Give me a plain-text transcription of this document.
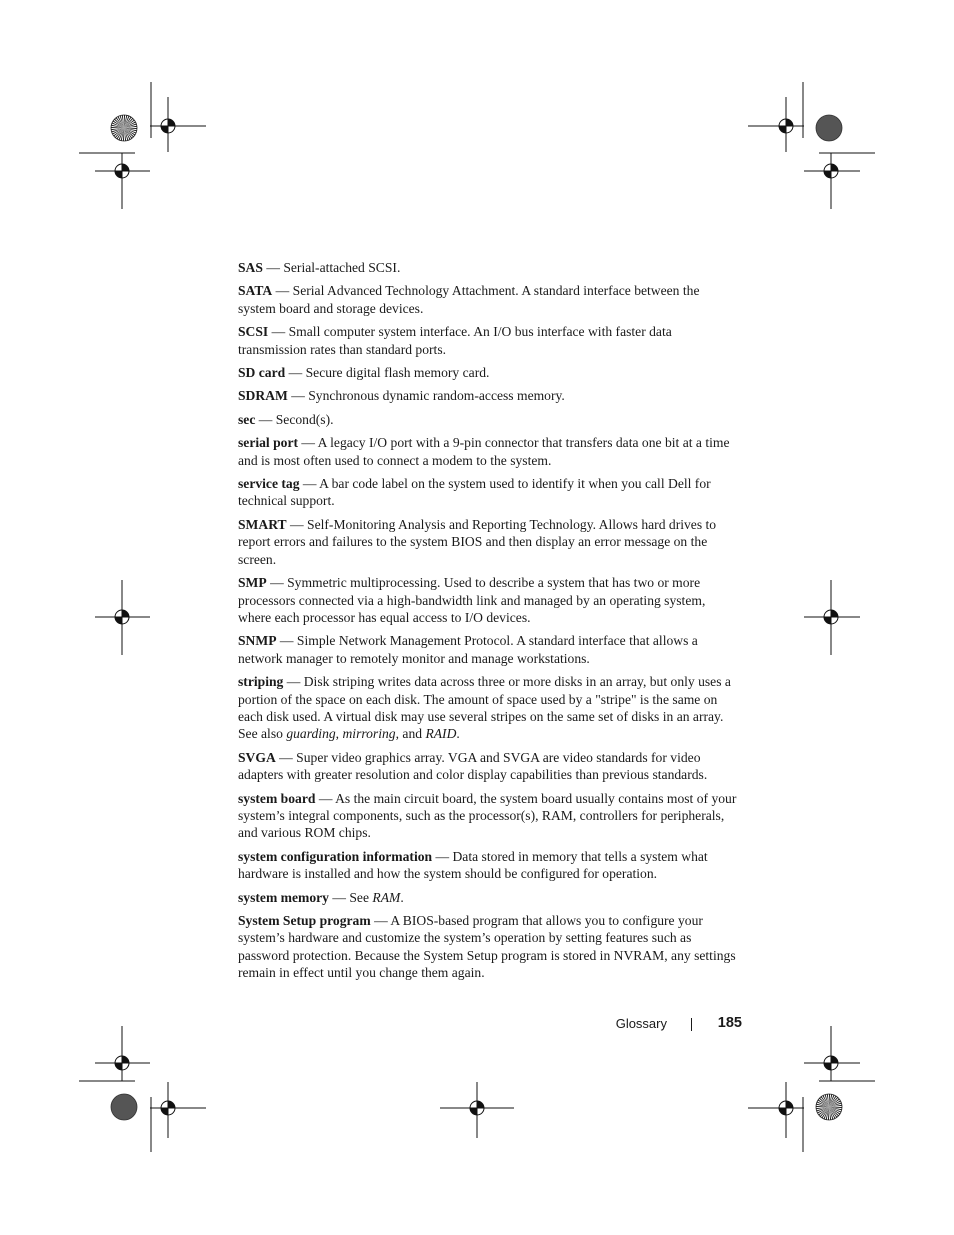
SAS — Serial-attached SCSI.

SATA — Serial Advanced Technology Attachment. A standard interface between the system board and storage devices.

SCSI — Small computer system interface. An I/O bus interface with faster data transmission rates than standard ports.

SD card — Secure digital flash memory card.

SDRAM — Synchronous dynamic random-access memory.

sec — Second(s).

serial port — A legacy I/O port with a 9-pin connector that transfers data one bit at a time and is most often used to connect a modem to the system.

service tag — A bar code label on the system used to identify it when you call Dell for technical support.

SMART — Self-Monitoring Analysis and Reporting Technology. Allows hard drives to report errors and failures to the system BIOS and then display an error message on the screen.

SMP — Symmetric multiprocessing. Used to describe a system that has two or more processors connected via a high-bandwidth link and managed by an operating system, where each processor has equal access to I/O devices.

SNMP — Simple Network Management Protocol. A standard interface that allows a network manager to remotely monitor and manage workstations.

striping — Disk striping writes data across three or more disks in an array, but only uses a portion of the space on each disk. The amount of space used by a "stripe" is the same on each disk used. A virtual disk may use several stripes on the same set of disks in an array. See also guarding, mirroring, and RAID.

SVGA — Super video graphics array. VGA and SVGA are video standards for video adapters with greater resolution and color display capabilities than previous standards.

system board — As the main circuit board, the system board usually contains most of your system’s integral components, such as the processor(s), RAM, controllers for peripherals, and various ROM chips.

system configuration information — Data stored in memory that tells a system what hardware is installed and how the system should be configured for operation.

system memory — See RAM.

System Setup program — A BIOS-based program that allows you to configure your system’s hardware and customize the system’s operation by setting features such as password protection. Because the System Setup program is stored in NVRAM, any settings remain in effect until you change them again.

Glossary	185
